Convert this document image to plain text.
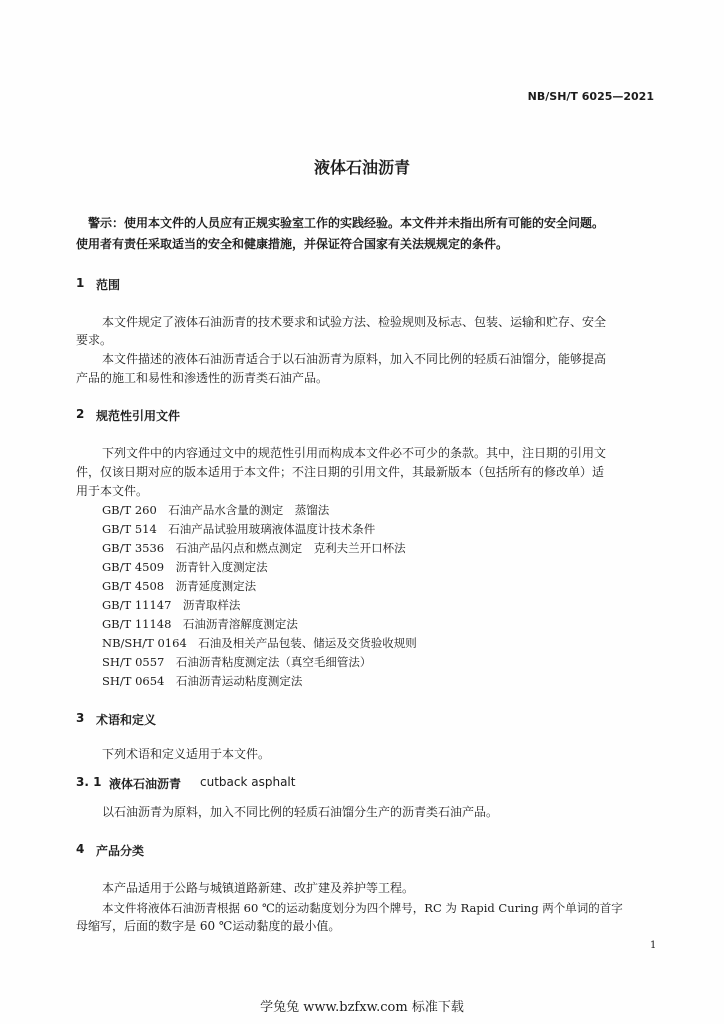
NB/SH/T 6025—2021
液体石油沥青
警示：使用本文件的人员应有正规实验室工作的实践经验。本文件并未指出所有可能的安全问题。
使用者有责任采取适当的安全和健康措施，并保证符合国家有关法规规定的条件。
1 范围
本文件规定了液体石油沥青的技术要求和试验方法、检验规则及标志、包装、运输和贮存、安全
要求。
本文件描述的液体石油沥青适合于以石油沥青为原料，加入不同比例的轻质石油馏分，能够提高
产品的施工和易性和渗透性的沥青类石油产品。
2 规范性引用文件
下列文件中的内容通过文中的规范性引用而构成本文件必不可少的条款。其中，注日期的引用文
件，仅该日期对应的版本适用于本文件；不注日期的引用文件，其最新版本（包括所有的修改单）适
用于本文件。
GB/T 260　石油产品水含量的测定　蒸馏法
GB/T 514　石油产品试验用玻璃液体温度计技术条件
GB/T 3536　石油产品闪点和燃点测定　克利夫兰开口杯法
GB/T 4509　沥青针入度测定法
GB/T 4508　沥青延度测定法
GB/T 11147　沥青取样法
GB/T 11148　石油沥青溶解度测定法
NB/SH/T 0164　石油及相关产品包装、储运及交货验收规则
SH/T 0557　石油沥青粘度测定法（真空毛细管法）
SH/T 0654　石油沥青运动粘度测定法
3 术语和定义
下列术语和定义适用于本文件。
3. 1 液体石油沥青 cutback asphalt
以石油沥青为原料，加入不同比例的轻质石油馏分生产的沥青类石油产品。
4 产品分类
本产品适用于公路与城镇道路新建、改扩建及养护等工程。
本文件将液体石油沥青根据 60 ℃的运动黏度划分为四个牌号，RC 为 Rapid Curing 两个单词的首字
母缩写，后面的数字是 60 ℃运动黏度的最小值。
1
学兔兔 www.bzfxw.com 标准下载
